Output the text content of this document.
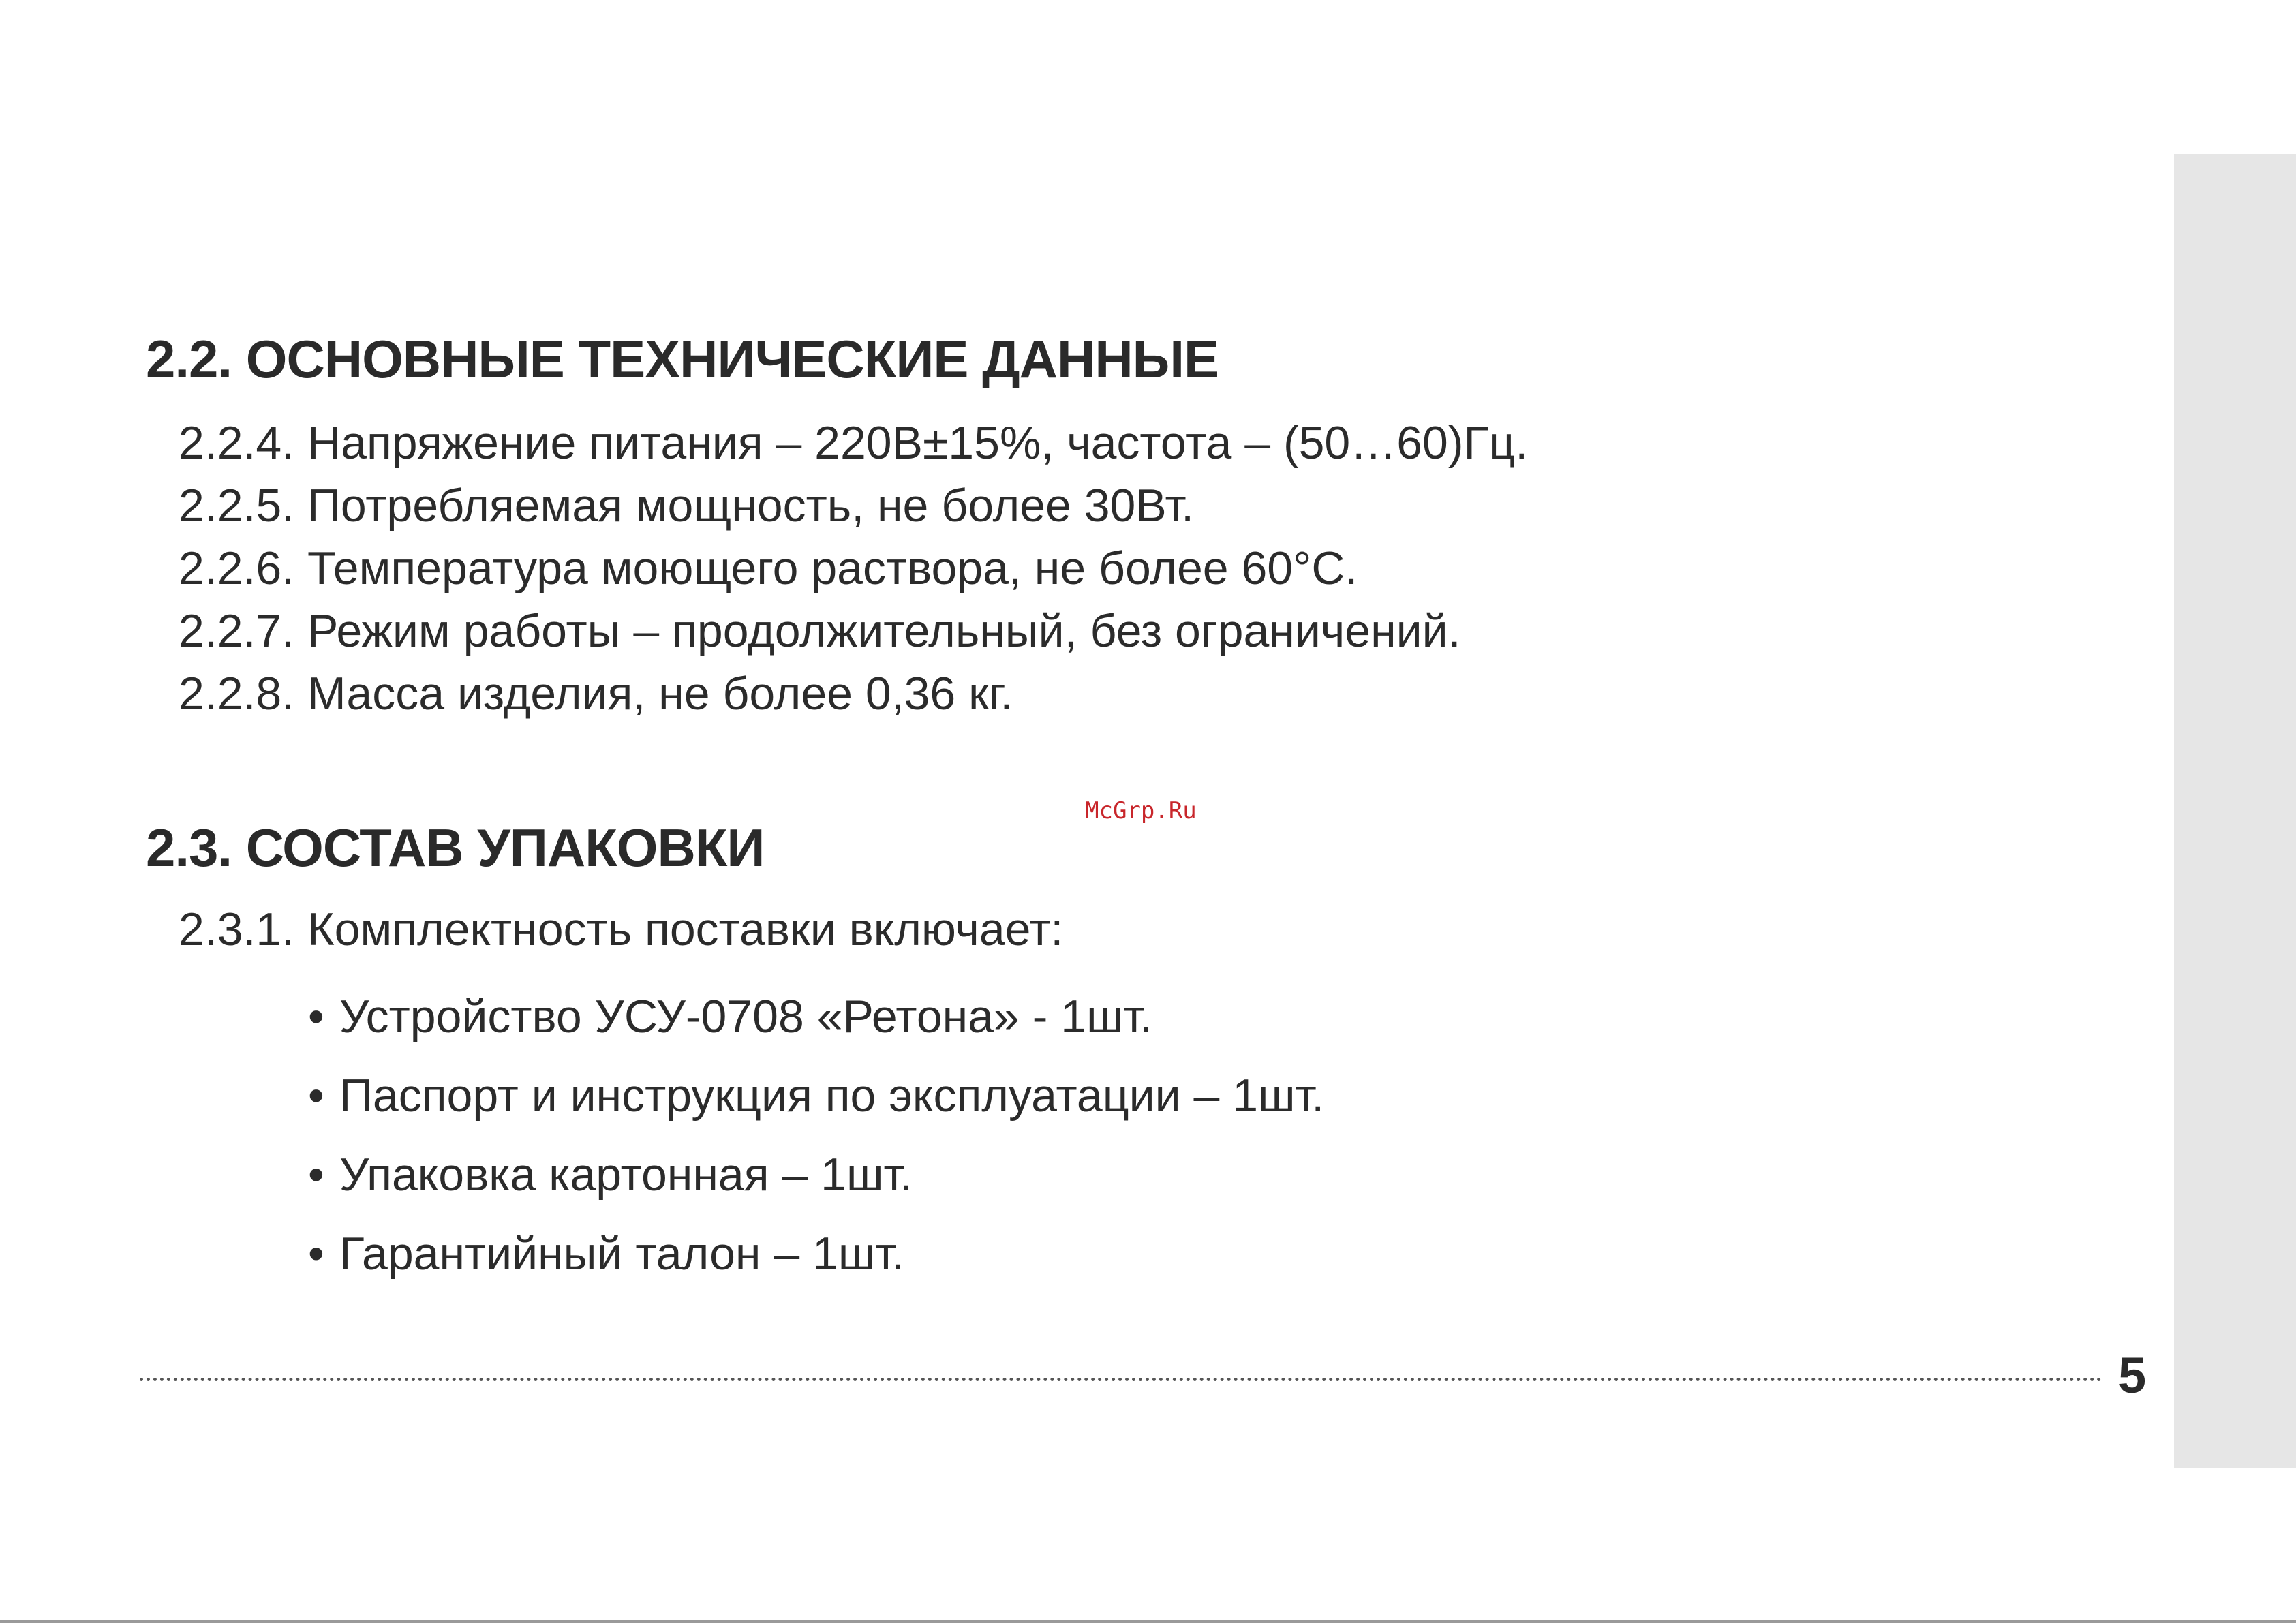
2.2. ОСНОВНЫЕ ТЕХНИЧЕСКИЕ ДАННЫЕ
2.2.4. Напряжение питания – 220В±15%, частота – (50…60)Гц.
2.2.5. Потребляемая мощность, не более 30Вт.
2.2.6. Температура моющего раствора, не более 60°С.
2.2.7. Режим работы – продолжительный, без ограничений.
2.2.8. Масса изделия, не более 0,36 кг.
McGrp.Ru
2.3. СОСТАВ УПАКОВКИ

2.3.1. Комплектность поставки включает:

• Устройство УСУ-0708 «Ретона» - 1шт.
• Паспорт и инструкция по эксплуатации – 1шт.
• Упаковка картонная – 1шт.
• Гарантийный талон – 1шт.
5
